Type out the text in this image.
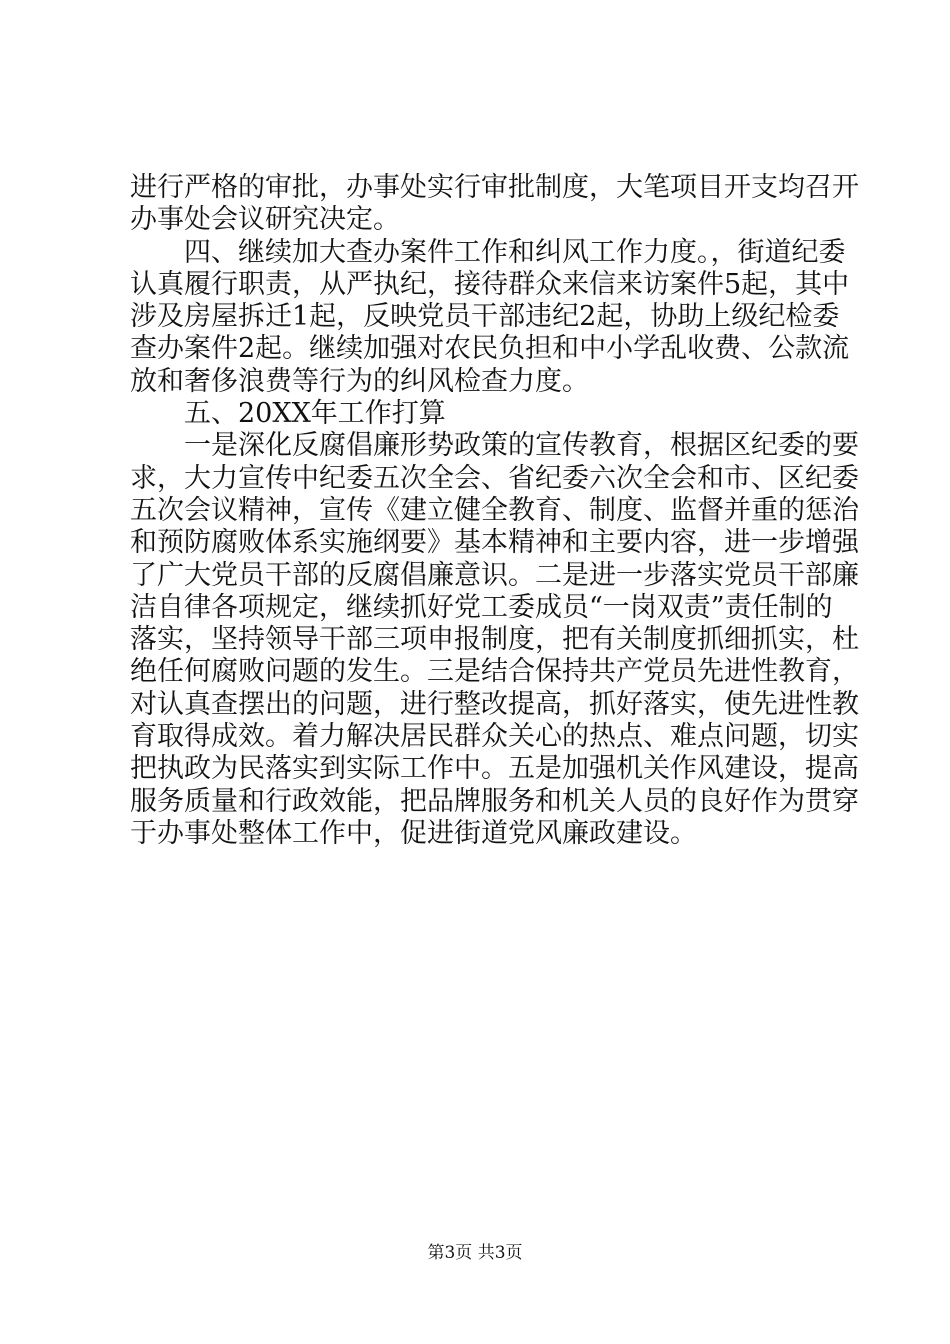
进行严格的审批，办事处实行审批制度，大笔项目开支均召开
办事处会议研究决定。
　　四、继续加大查办案件工作和纠风工作力度。，街道纪委
认真履行职责，从严执纪，接待群众来信来访案件5起，其中
涉及房屋拆迁1起，反映党员干部违纪2起，协助上级纪检委
查办案件2起。继续加强对农民负担和中小学乱收费、公款流
放和奢侈浪费等行为的纠风检查力度。
　　五、20XX年工作打算
　　一是深化反腐倡廉形势政策的宣传教育，根据区纪委的要
求，大力宣传中纪委五次全会、省纪委六次全会和市、区纪委
五次会议精神，宣传《建立健全教育、制度、监督并重的惩治
和预防腐败体系实施纲要》基本精神和主要内容，进一步增强
了广大党员干部的反腐倡廉意识。二是进一步落实党员干部廉
洁自律各项规定，继续抓好党工委成员“一岗双责”责任制的
落实，坚持领导干部三项申报制度，把有关制度抓细抓实，杜
绝任何腐败问题的发生。三是结合保持共产党员先进性教育，
对认真查摆出的问题，进行整改提高，抓好落实，使先进性教
育取得成效。着力解决居民群众关心的热点、难点问题，切实
把执政为民落实到实际工作中。五是加强机关作风建设，提高
服务质量和行政效能，把品牌服务和机关人员的良好作为贯穿
于办事处整体工作中，促进街道党风廉政建设。
第3页 共3页
